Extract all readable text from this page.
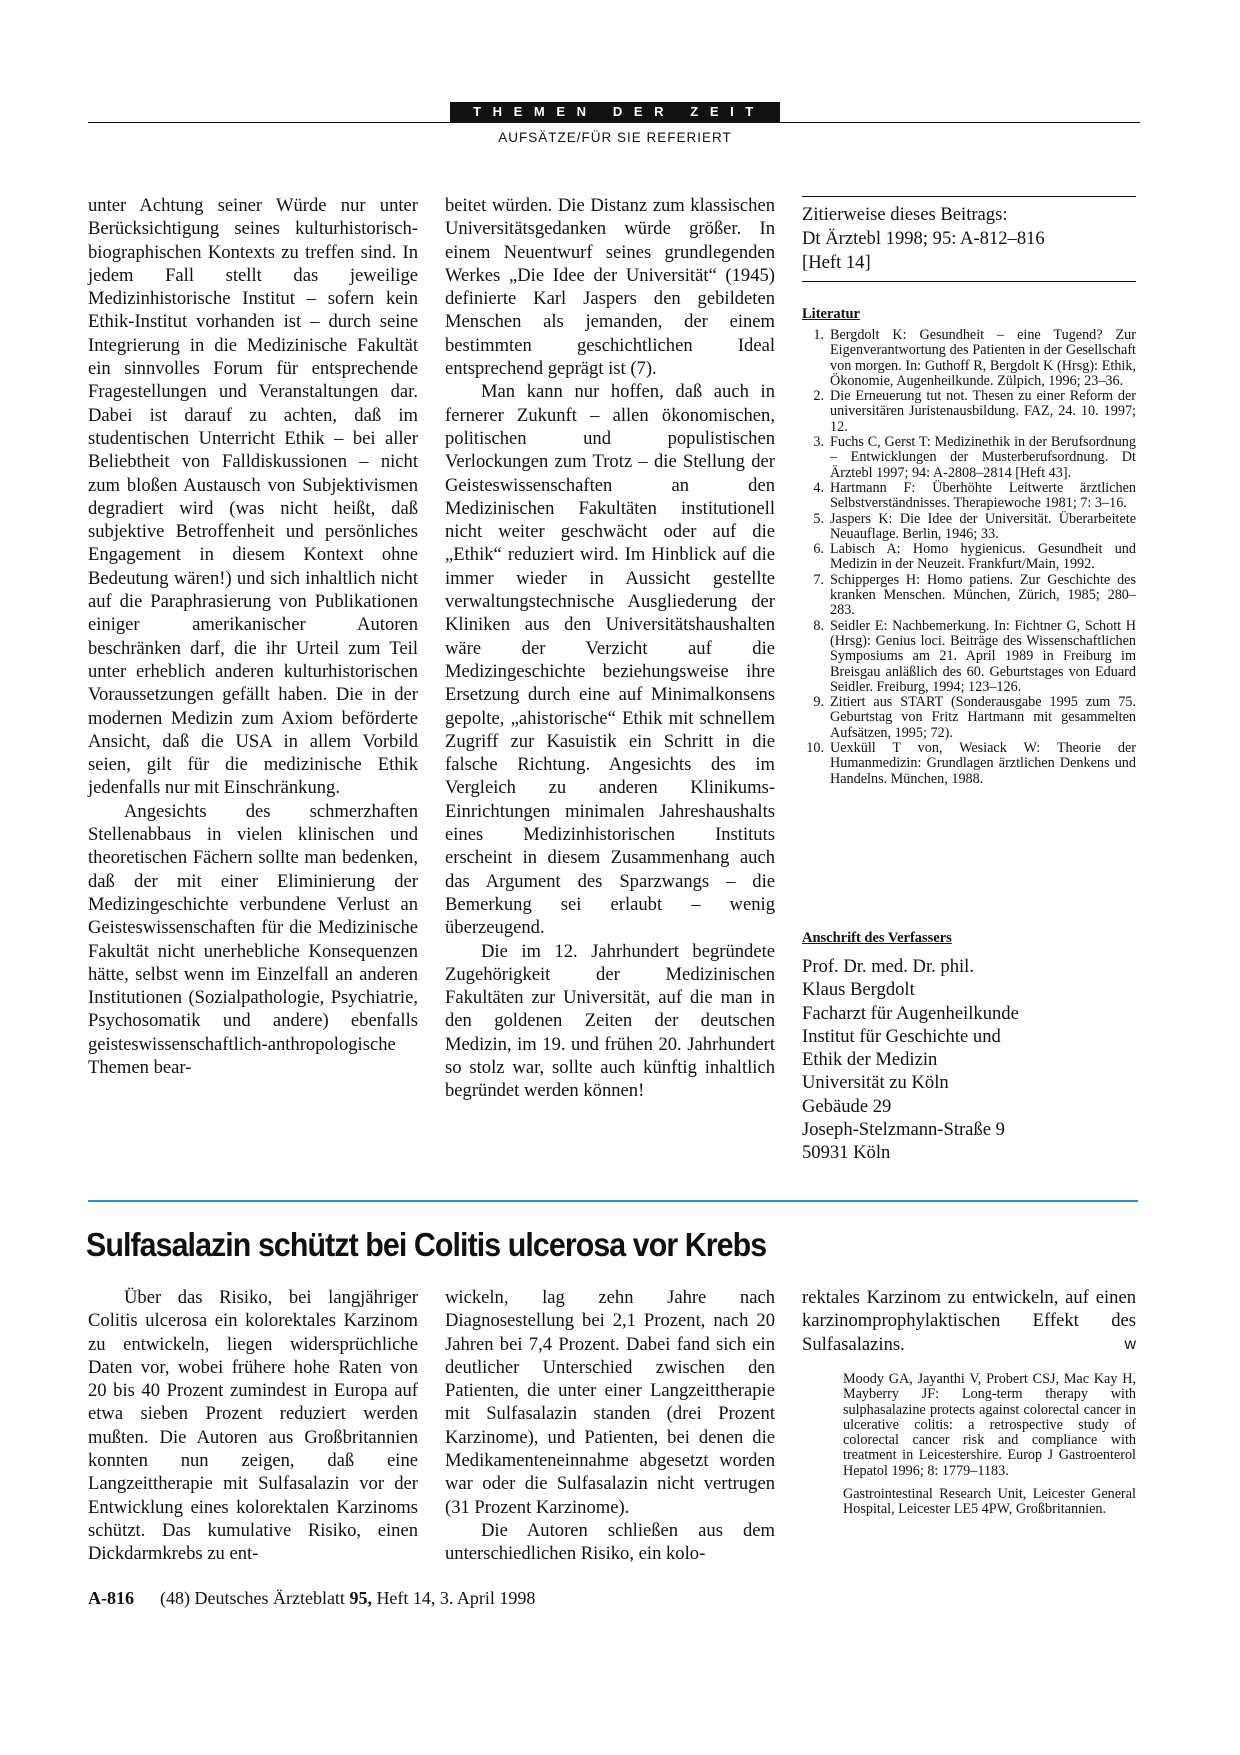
THEMEN DER ZEIT
AUFSÄTZE/FÜR SIE REFERIERT

unter Achtung seiner Würde nur unter Berücksichtigung seines kulturhistorisch-biographischen Kontexts zu treffen sind. In jedem Fall stellt das jeweilige Medizinhistorische Institut – sofern kein Ethik-Institut vorhanden ist – durch seine Integrierung in die Medizinische Fakultät ein sinnvolles Forum für entsprechende Fragestellungen und Veranstaltungen dar. Dabei ist darauf zu achten, daß im studentischen Unterricht Ethik – bei aller Beliebtheit von Falldiskussionen – nicht zum bloßen Austausch von Subjektivismen degradiert wird (was nicht heißt, daß subjektive Betroffenheit und persönliches Engagement in diesem Kontext ohne Bedeutung wären!) und sich inhaltlich nicht auf die Paraphrasierung von Publikationen einiger amerikanischer Autoren beschränken darf, die ihr Urteil zum Teil unter erheblich anderen kulturhistorischen Voraussetzungen gefällt haben. Die in der modernen Medizin zum Axiom beförderte Ansicht, daß die USA in allem Vorbild seien, gilt für die medizinische Ethik jedenfalls nur mit Einschränkung.

Angesichts des schmerzhaften Stellenabbaus in vielen klinischen und theoretischen Fächern sollte man bedenken, daß der mit einer Eliminierung der Medizingeschichte verbundene Verlust an Geisteswissenschaften für die Medizinische Fakultät nicht unerhebliche Konsequenzen hätte, selbst wenn im Einzelfall an anderen Institutionen (Sozialpathologie, Psychiatrie, Psychosomatik und andere) ebenfalls geisteswissenschaftlich-anthropologische Themen bear-

beitet würden. Die Distanz zum klassischen Universitätsgedanken würde größer. In einem Neuentwurf seines grundlegenden Werkes „Die Idee der Universität“ (1945) definierte Karl Jaspers den gebildeten Menschen als jemanden, der einem bestimmten geschichtlichen Ideal entsprechend geprägt ist (7).

Man kann nur hoffen, daß auch in fernerer Zukunft – allen ökonomischen, politischen und populistischen Verlockungen zum Trotz – die Stellung der Geisteswissenschaften an den Medizinischen Fakultäten institutionell nicht weiter geschwächt oder auf die „Ethik“ reduziert wird. Im Hinblick auf die immer wieder in Aussicht gestellte verwaltungstechnische Ausgliederung der Kliniken aus den Universitätshaushalten wäre der Verzicht auf die Medizingeschichte beziehungsweise ihre Ersetzung durch eine auf Minimalkonsens gepolte, „ahistorische“ Ethik mit schnellem Zugriff zur Kasuistik ein Schritt in die falsche Richtung. Angesichts des im Vergleich zu anderen Klinikums-Einrichtungen minimalen Jahreshaushalts eines Medizinhistorischen Instituts erscheint in diesem Zusammenhang auch das Argument des Sparzwangs – die Bemerkung sei erlaubt – wenig überzeugend.

Die im 12. Jahrhundert begründete Zugehörigkeit der Medizinischen Fakultäten zur Universität, auf die man in den goldenen Zeiten der deutschen Medizin, im 19. und frühen 20. Jahrhundert so stolz war, sollte auch künftig inhaltlich begründet werden können!

Zitierweise dieses Beitrags:
Dt Ärztebl 1998; 95: A-812–816
[Heft 14]
Literatur
1. Bergdolt K: Gesundheit – eine Tugend? Zur Eigenverantwortung des Patienten in der Gesellschaft von morgen. In: Guthoff R, Bergdolt K (Hrsg): Ethik, Ökonomie, Augenheilkunde. Zülpich, 1996; 23–36.
2. Die Erneuerung tut not. Thesen zu einer Reform der universitären Juristenausbildung. FAZ, 24. 10. 1997; 12.
3. Fuchs C, Gerst T: Medizinethik in der Berufsordnung – Entwicklungen der Musterberufsordnung. Dt Ärztebl 1997; 94: A-2808–2814 [Heft 43].
4. Hartmann F: Überhöhte Leitwerte ärztlichen Selbstverständnisses. Therapiewoche 1981; 7: 3–16.
5. Jaspers K: Die Idee der Universität. Überarbeitete Neuauflage. Berlin, 1946; 33.
6. Labisch A: Homo hygienicus. Gesundheit und Medizin in der Neuzeit. Frankfurt/Main, 1992.
7. Schipperges H: Homo patiens. Zur Geschichte des kranken Menschen. München, Zürich, 1985; 280–283.
8. Seidler E: Nachbemerkung. In: Fichtner G, Schott H (Hrsg): Genius loci. Beiträge des Wissenschaftlichen Symposiums am 21. April 1989 in Freiburg im Breisgau anläßlich des 60. Geburtstages von Eduard Seidler. Freiburg, 1994; 123–126.
9. Zitiert aus START (Sonderausgabe 1995 zum 75. Geburtstag von Fritz Hartmann mit gesammelten Aufsätzen, 1995; 72).
10. Uexküll T von, Wesiack W: Theorie der Humanmedizin: Grundlagen ärztlichen Denkens und Handelns. München, 1988.
Anschrift des Verfassers
Prof. Dr. med. Dr. phil.
Klaus Bergdolt
Facharzt für Augenheilkunde
Institut für Geschichte und
Ethik der Medizin
Universität zu Köln
Gebäude 29
Joseph-Stelzmann-Straße 9
50931 Köln
Sulfasalazin schützt bei Colitis ulcerosa vor Krebs

Über das Risiko, bei langjähriger Colitis ulcerosa ein kolorektales Karzinom zu entwickeln, liegen widersprüchliche Daten vor, wobei frühere hohe Raten von 20 bis 40 Prozent zumindest in Europa auf etwa sieben Prozent reduziert werden mußten. Die Autoren aus Großbritannien konnten nun zeigen, daß eine Langzeittherapie mit Sulfasalazin vor der Entwicklung eines kolorektalen Karzinoms schützt. Das kumulative Risiko, einen Dickdarmkrebs zu ent-

wickeln, lag zehn Jahre nach Diagnosestellung bei 2,1 Prozent, nach 20 Jahren bei 7,4 Prozent. Dabei fand sich ein deutlicher Unterschied zwischen den Patienten, die unter einer Langzeittherapie mit Sulfasalazin standen (drei Prozent Karzinome), und Patienten, bei denen die Medikamenteneinnahme abgesetzt worden war oder die Sulfasalazin nicht vertrugen (31 Prozent Karzinome).

Die Autoren schließen aus dem unterschiedlichen Risiko, ein kolo-

rektales Karzinom zu entwickeln, auf einen karzinomprophylaktischen Effekt des Sulfasalazins.	w

Moody GA, Jayanthi V, Probert CSJ, Mac Kay H, Mayberry JF: Long-term therapy with sulphasalazine protects against colorectal cancer in ulcerative colitis: a retrospective study of colorectal cancer risk and compliance with treatment in Leicestershire. Europ J Gastroenterol Hepatol 1996; 8: 1779–1183.

Gastrointestinal Research Unit, Leicester General Hospital, Leicester LE5 4PW, Großbritannien.

A-816 (48) Deutsches Ärzteblatt 95, Heft 14, 3. April 1998
